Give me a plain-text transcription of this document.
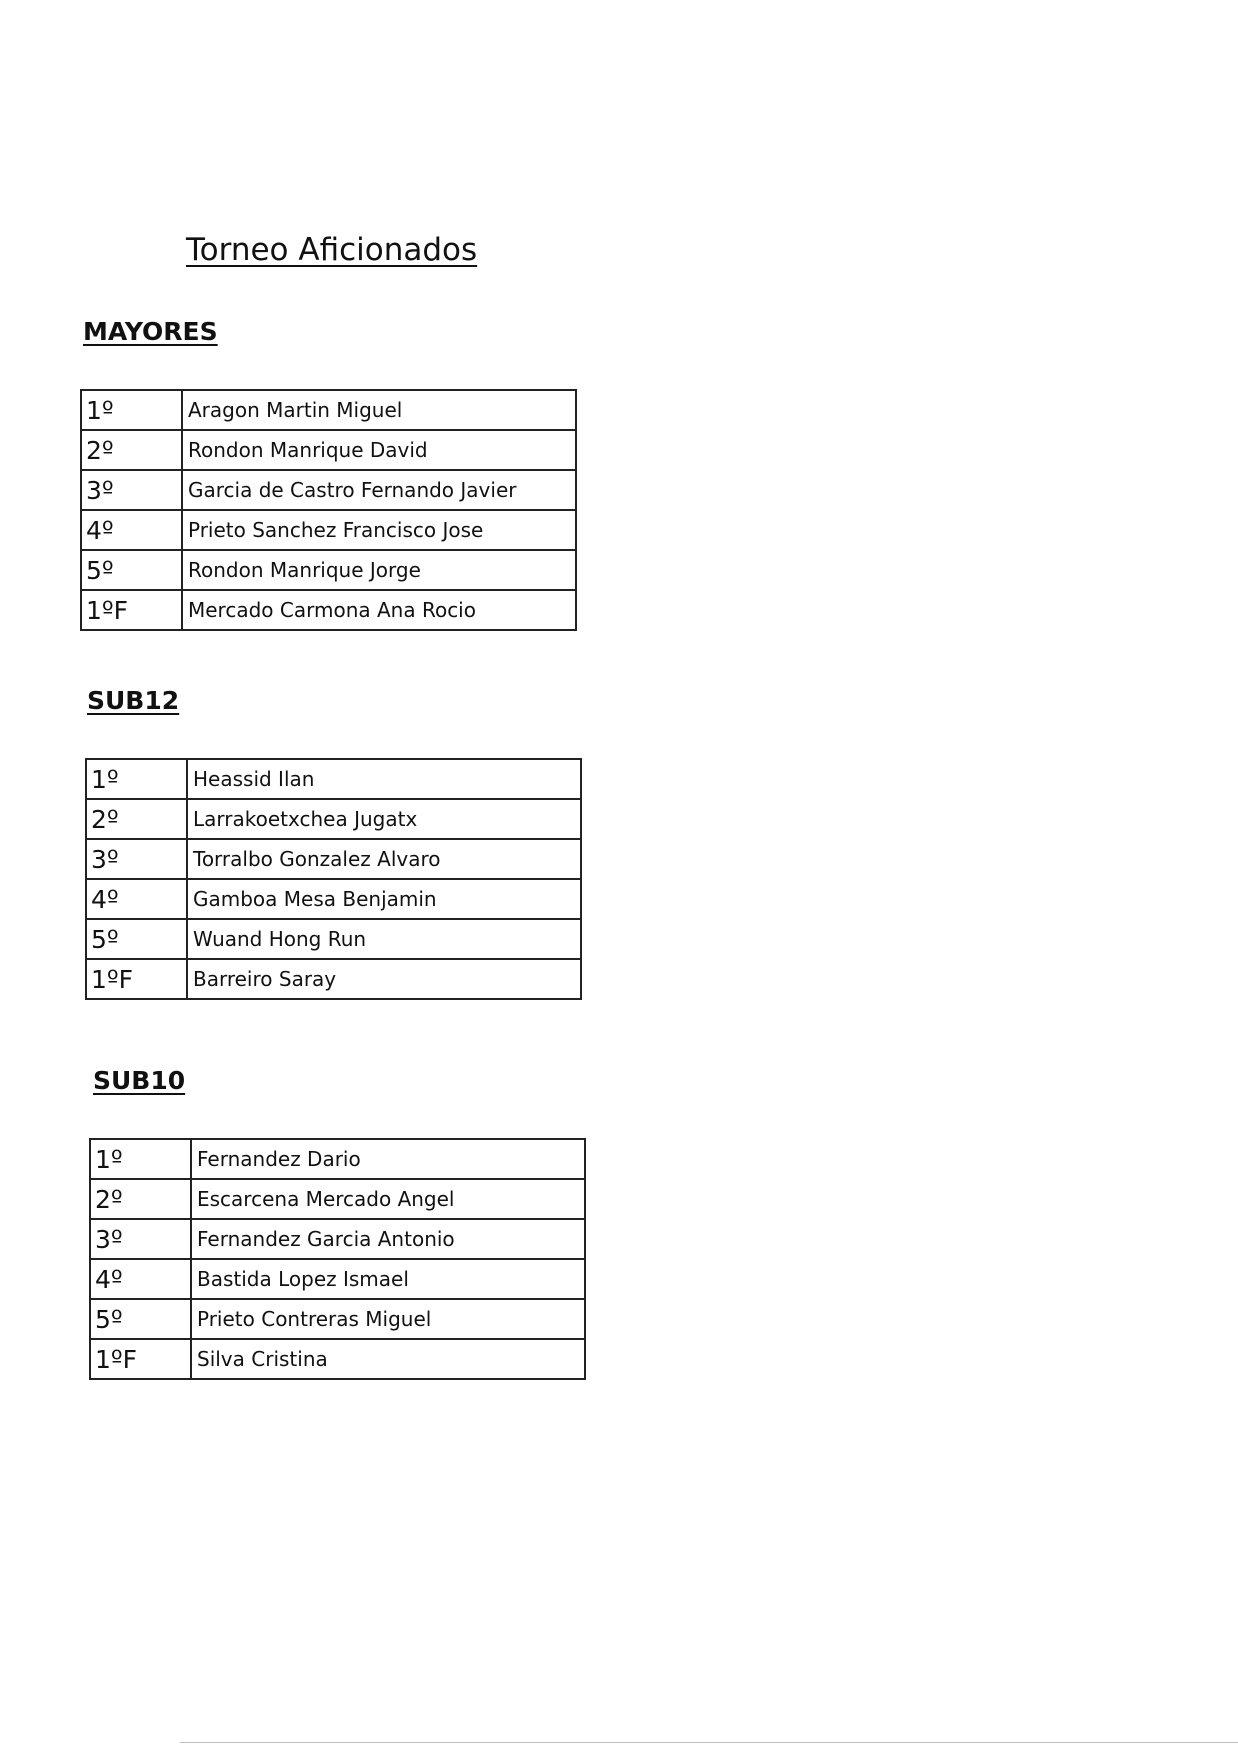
Torneo Aficionados
MAYORES
1º	Aragon Martin Miguel
2º	Rondon Manrique David
3º	Garcia de Castro Fernando Javier
4º	Prieto Sanchez Francisco Jose
5º	Rondon Manrique Jorge
1ºF	Mercado Carmona Ana Rocio
SUB12
1º	Heassid Ilan
2º	Larrakoetxchea Jugatx
3º	Torralbo Gonzalez Alvaro
4º	Gamboa Mesa Benjamin
5º	Wuand Hong Run
1ºF	Barreiro Saray
SUB10
1º	Fernandez Dario
2º	Escarcena Mercado Angel
3º	Fernandez Garcia Antonio
4º	Bastida Lopez Ismael
5º	Prieto Contreras Miguel
1ºF	Silva Cristina
